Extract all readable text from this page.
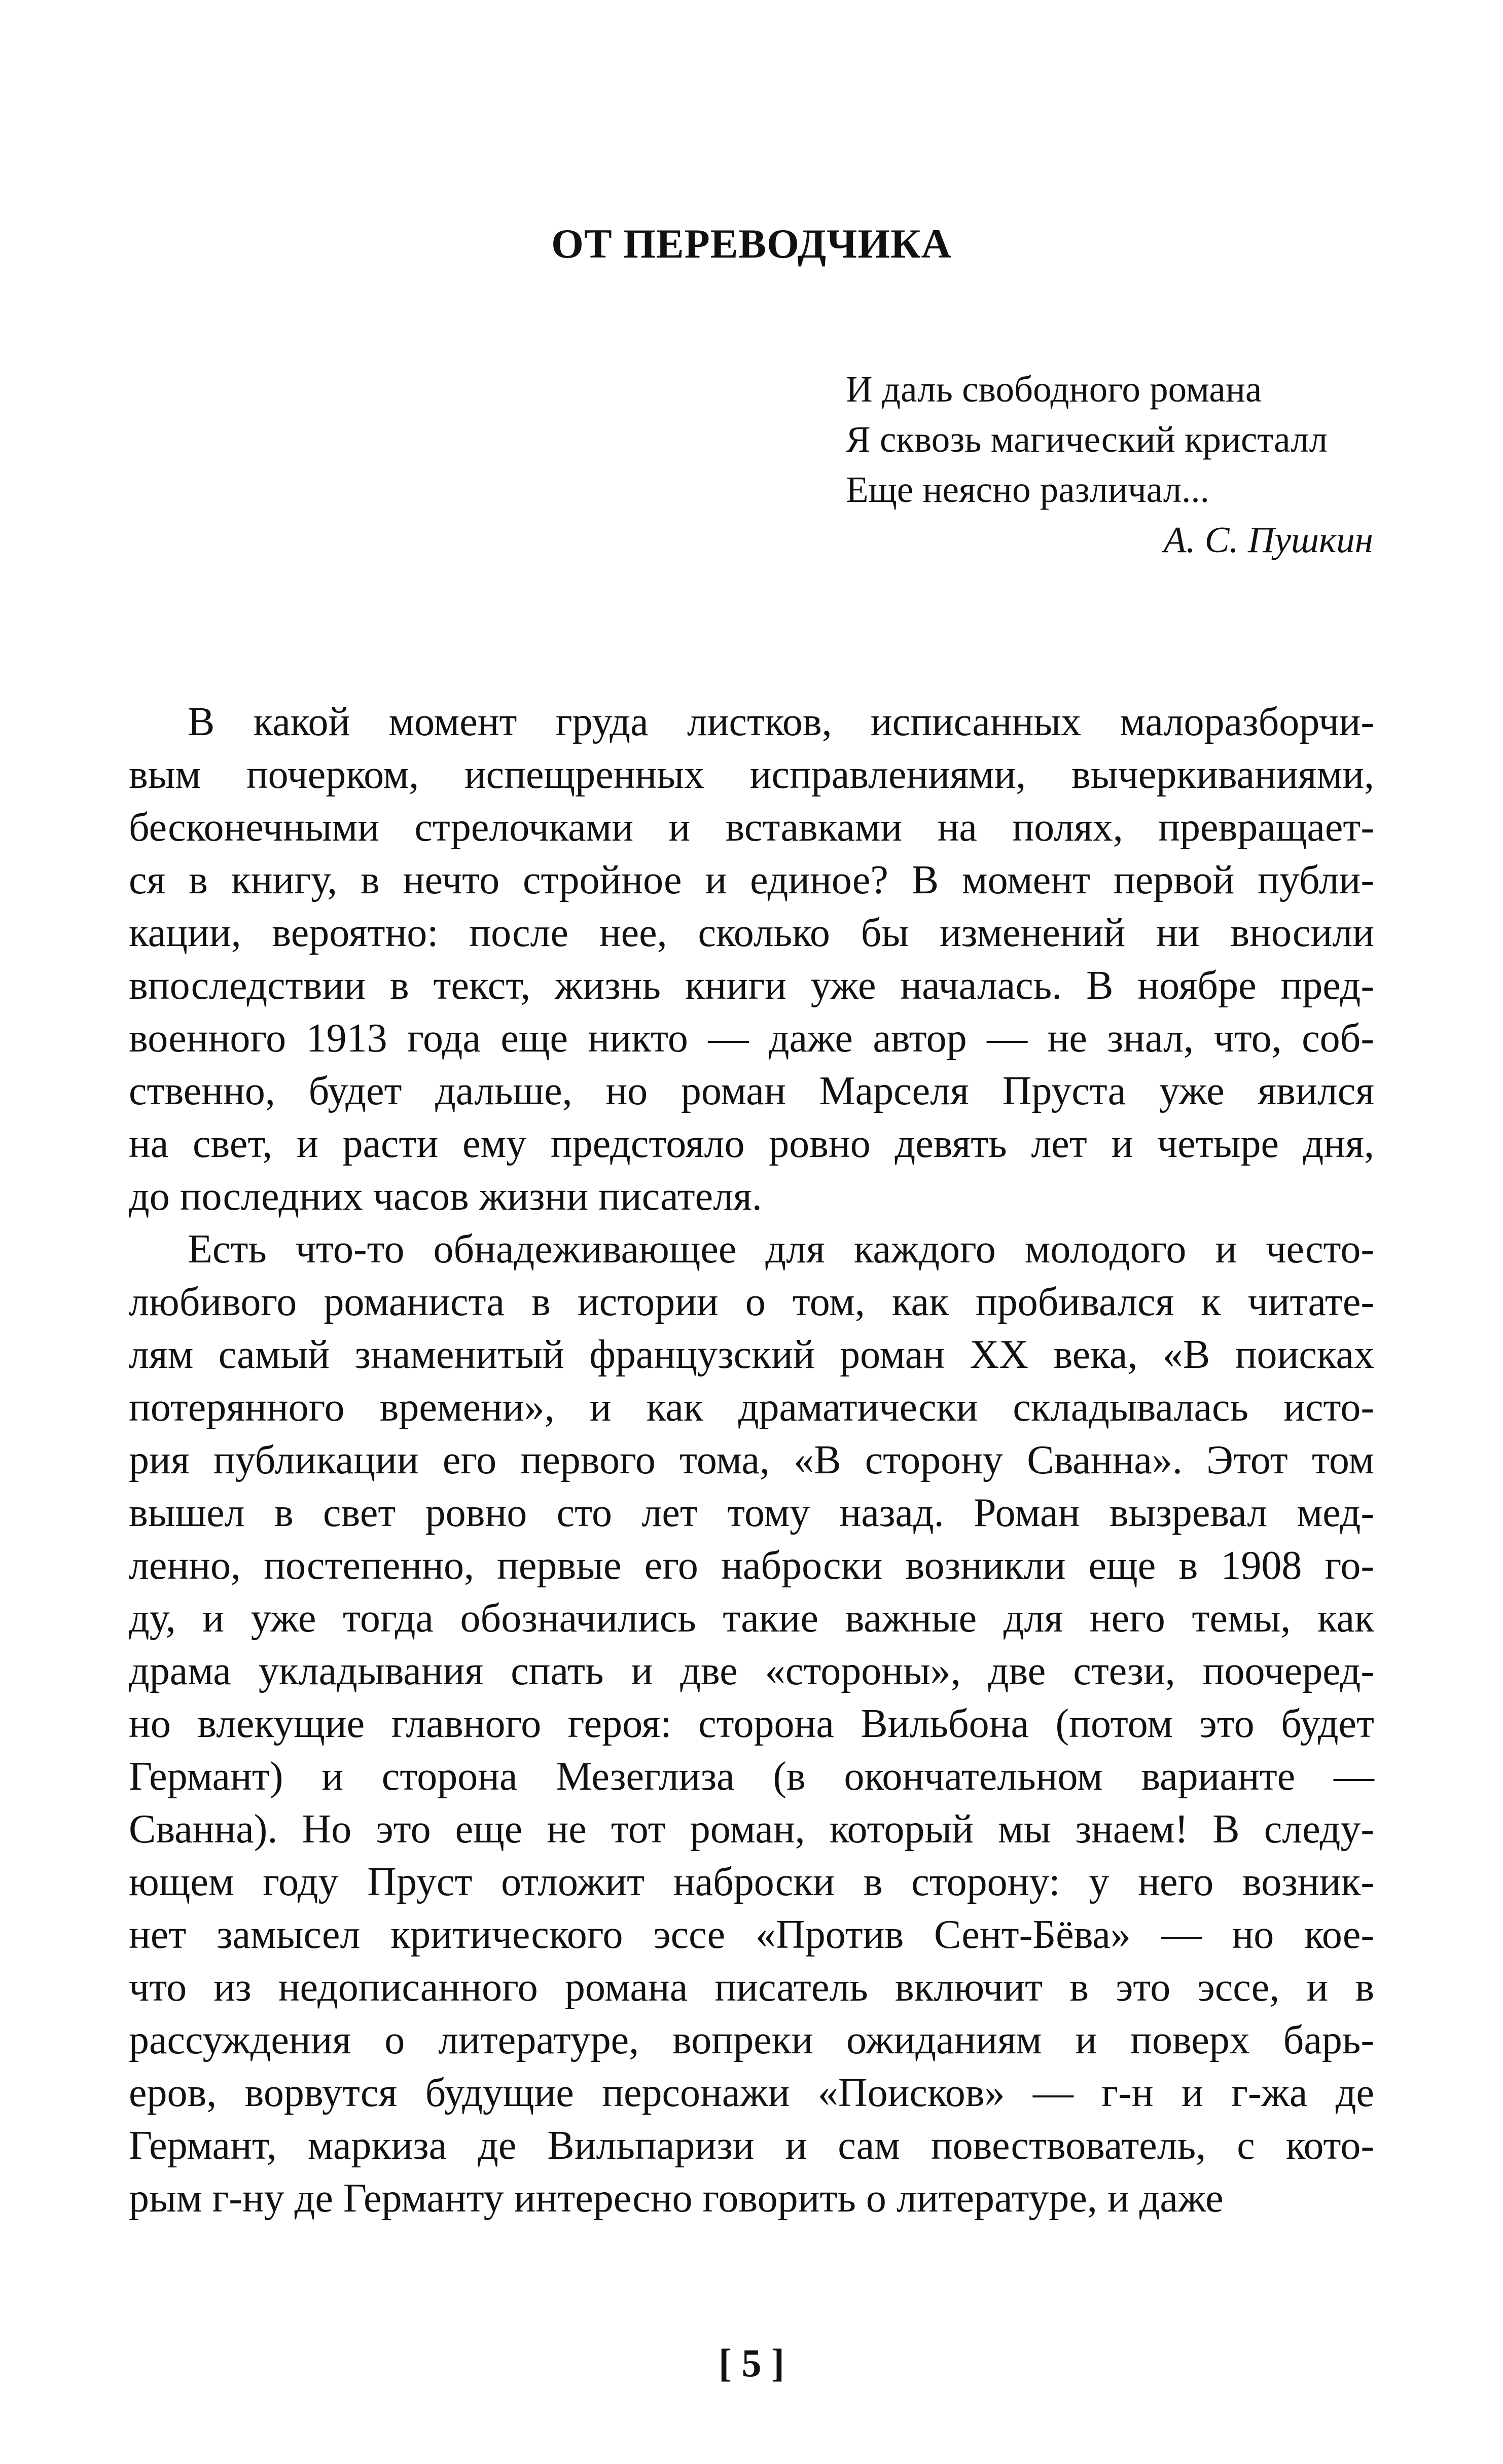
ОТ ПЕРЕВОДЧИКА
И даль свободного романа
Я сквозь магический кристалл
Еще неясно различал...
А. С. Пушкин
В какой момент груда листков, исписанных малоразборчи-
вым почерком, испещренных исправлениями, вычеркиваниями,
бесконечными стрелочками и вставками на полях, превращает-
ся в книгу, в нечто стройное и единое? В момент первой публи-
кации, вероятно: после нее, сколько бы изменений ни вносили
впоследствии в текст, жизнь книги уже началась. В ноябре пред-
военного 1913 года еще никто — даже автор — не знал, что, соб-
ственно, будет дальше, но роман Марселя Пруста уже явился
на свет, и расти ему предстояло ровно девять лет и четыре дня,
до последних часов жизни писателя.
Есть что-то обнадеживающее для каждого молодого и често-
любивого романиста в истории о том, как пробивался к читате-
лям самый знаменитый французский роман XX века, «В поисках
потерянного времени», и как драматически складывалась исто-
рия публикации его первого тома, «В сторону Сванна». Этот том
вышел в свет ровно сто лет тому назад. Роман вызревал мед-
ленно, постепенно, первые его наброски возникли еще в 1908 го-
ду, и уже тогда обозначились такие важные для него темы, как
драма укладывания спать и две «стороны», две стези, поочеред-
но влекущие главного героя: сторона Вильбона (потом это будет
Германт) и сторона Мезеглиза (в окончательном варианте —
Сванна). Но это еще не тот роман, который мы знаем! В следу-
ющем году Пруст отложит наброски в сторону: у него возник-
нет замысел критического эссе «Против Сент-Бёва» — но кое-
что из недописанного романа писатель включит в это эссе, и в
рассуждения о литературе, вопреки ожиданиям и поверх барь-
еров, ворвутся будущие персонажи «Поисков» — г-н и г-жа де
Германт, маркиза де Вильпаризи и сам повествователь, с кото-
рым г-ну де Германту интересно говорить о литературе, и даже
[ 5 ]
